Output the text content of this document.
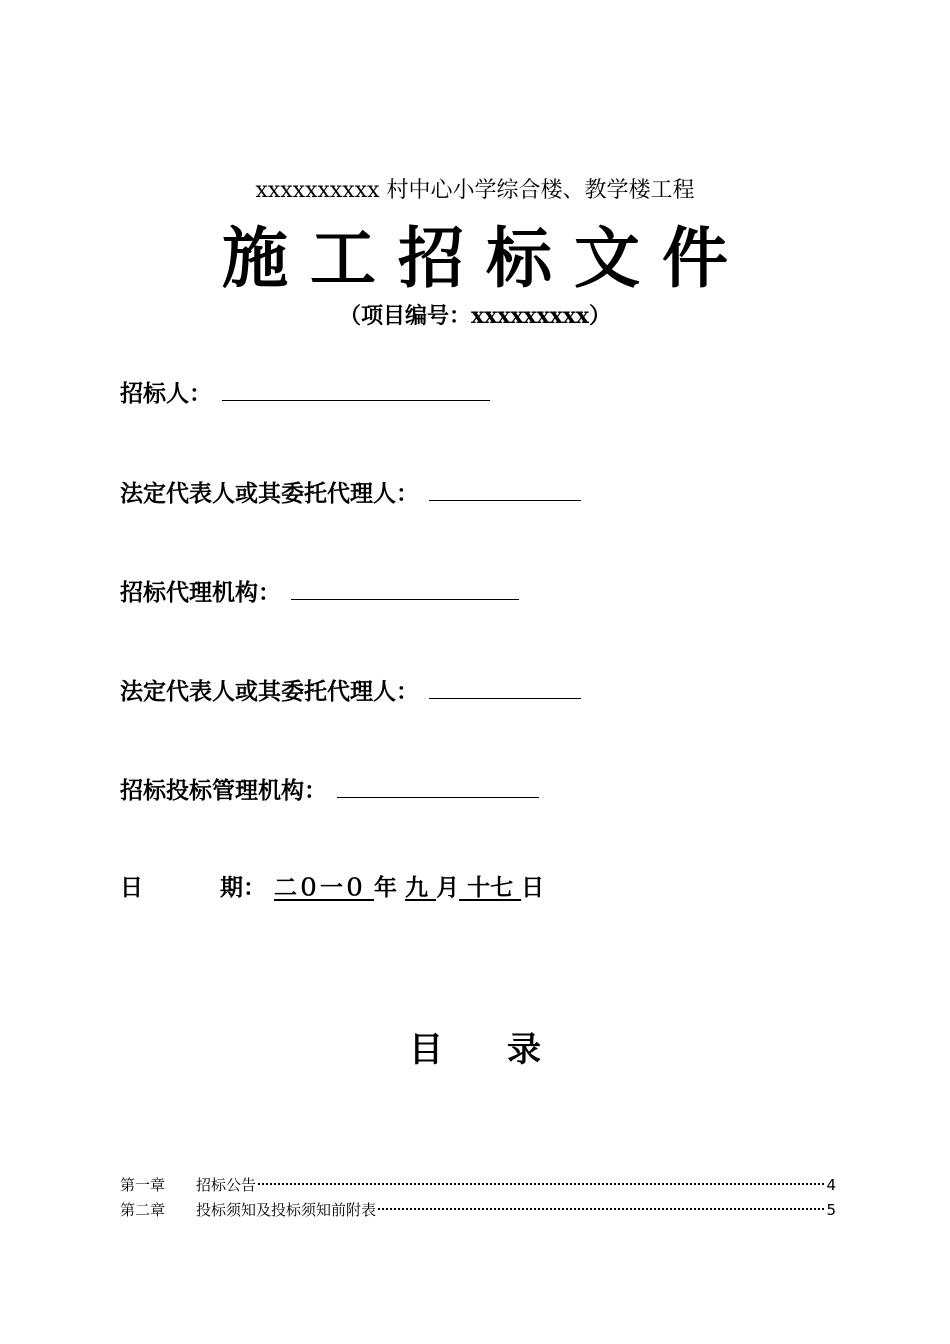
xxxxxxxxxx 村中心小学综合楼、教学楼工程
施工招标文件
（项目编号：xxxxxxxxx）
招标人：
法定代表人或其委托代理人：
招标代理机构：
法定代表人或其委托代理人：
招标投标管理机构：
日	期： 二０一０ 年 九 月 十七 日
目录
第一章	招标公告	4
第二章	投标须知及投标须知前附表	5
